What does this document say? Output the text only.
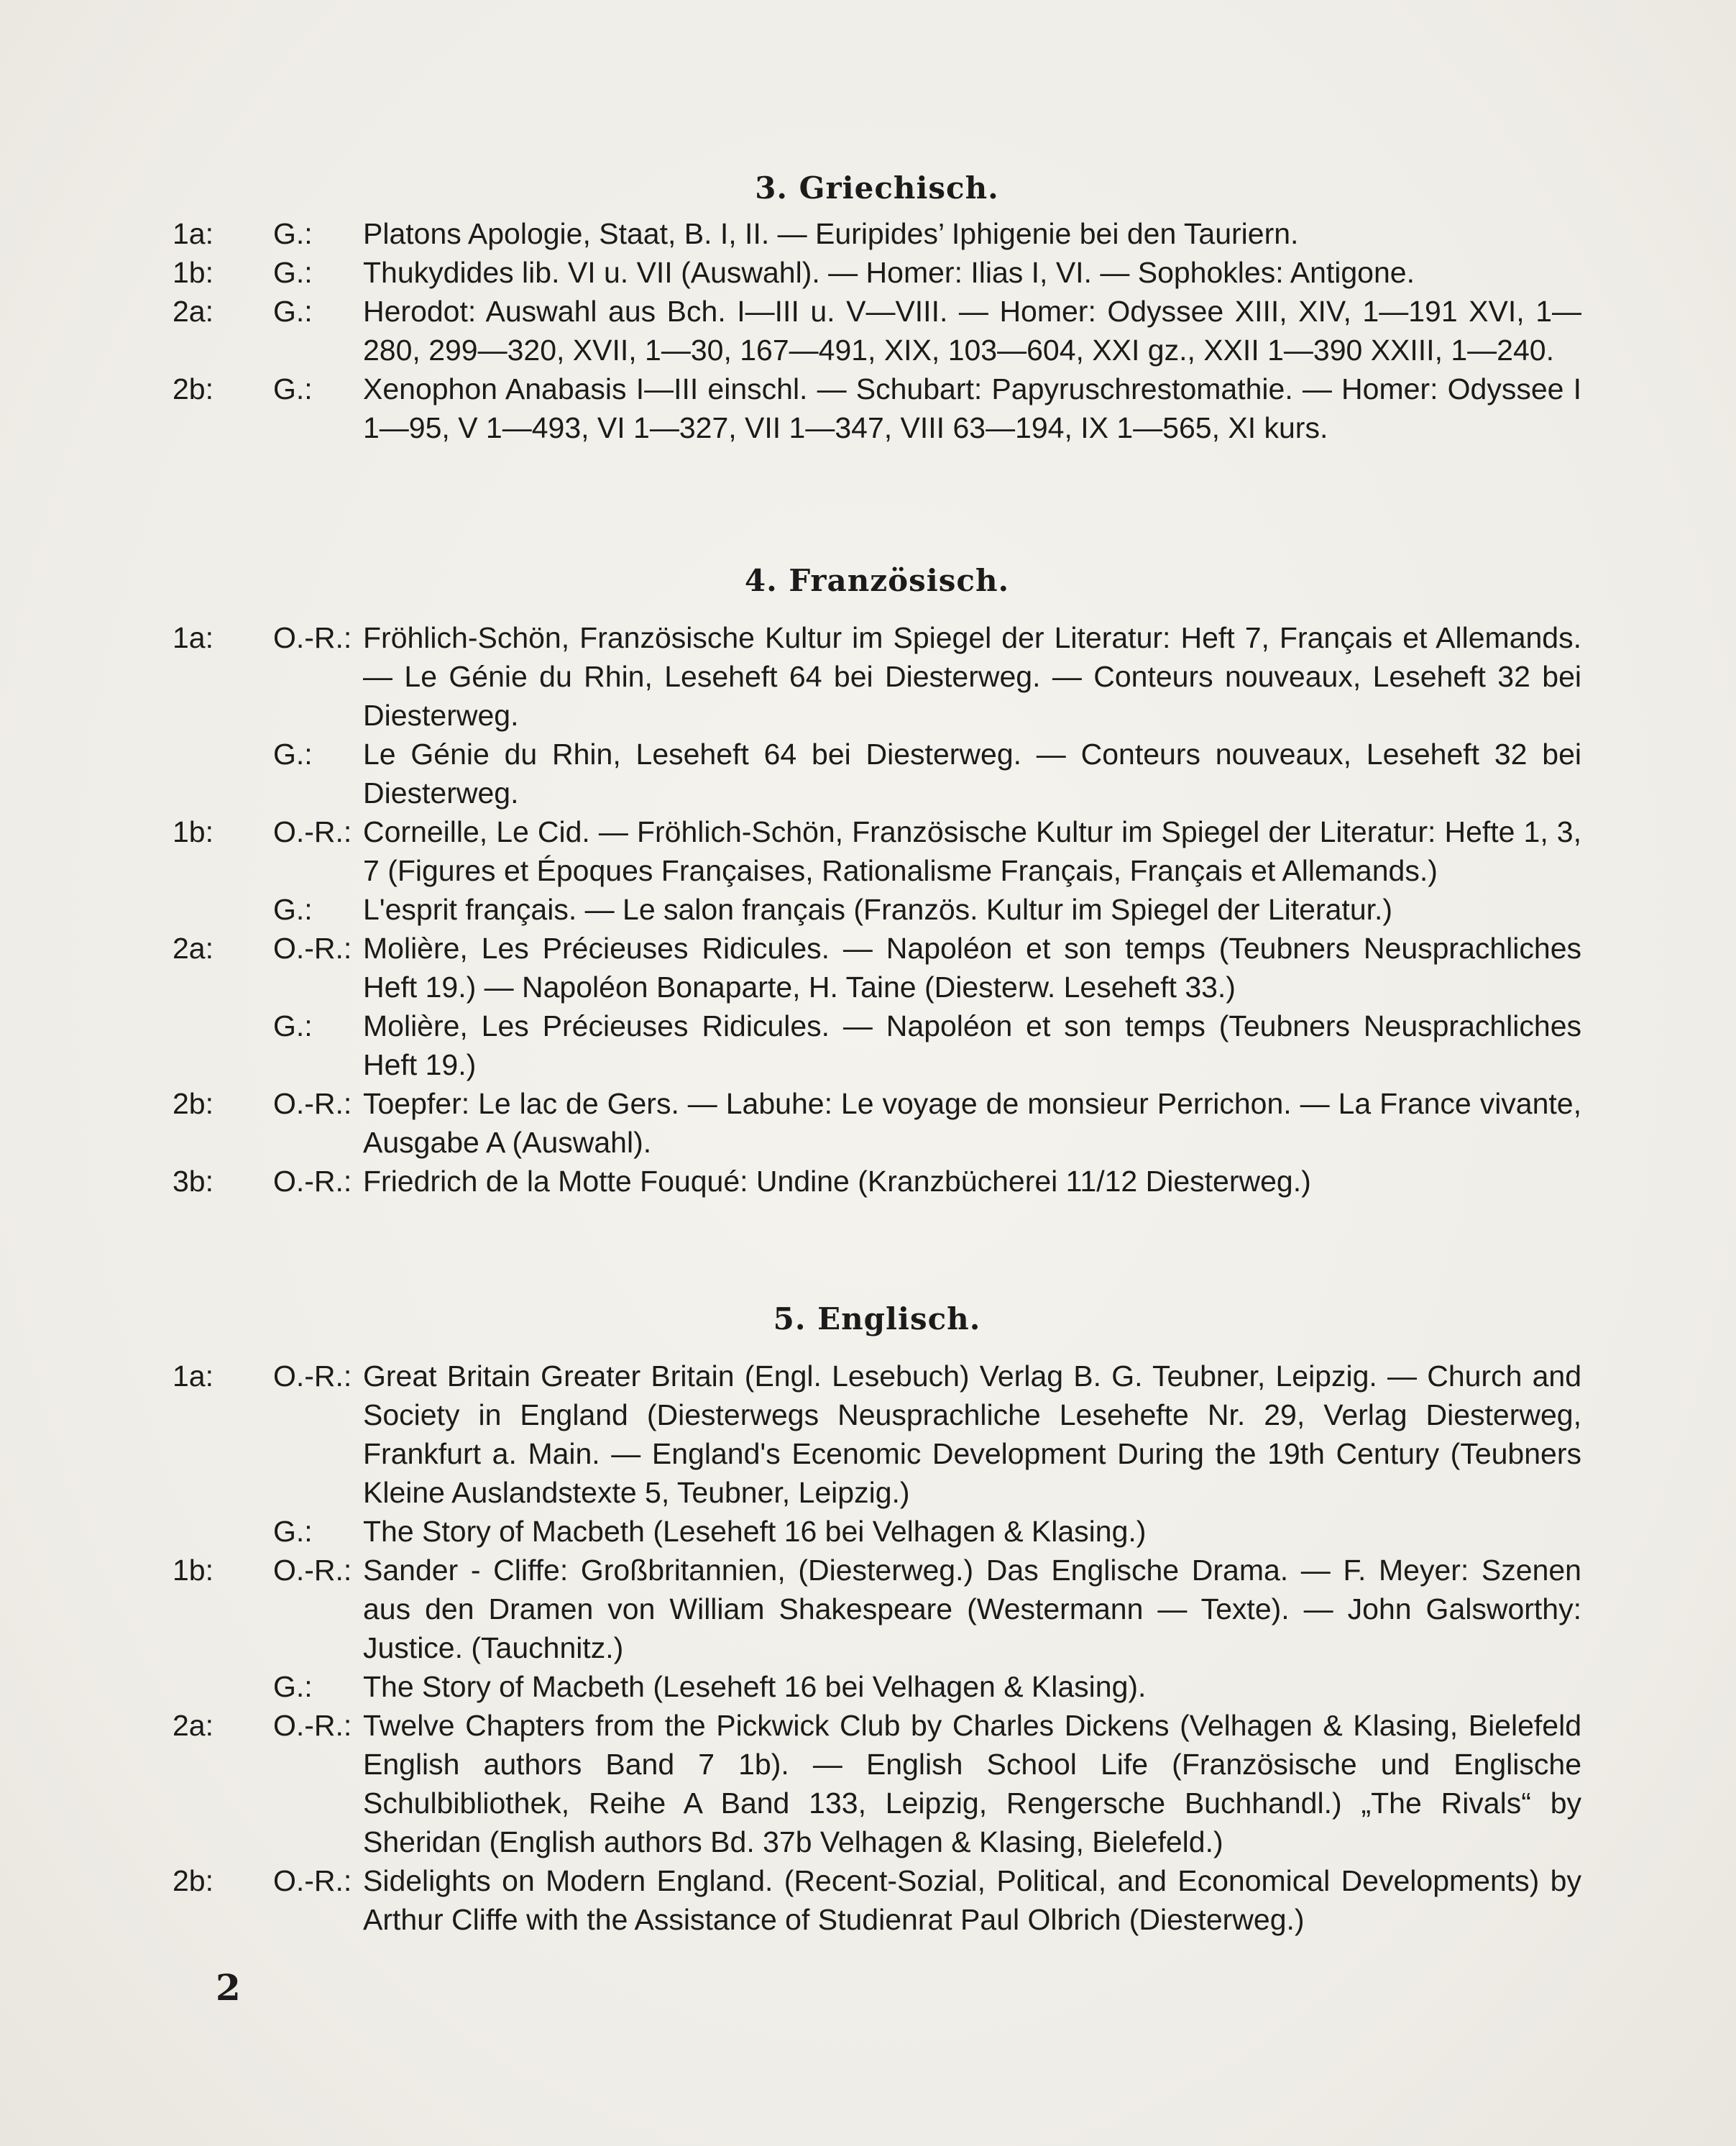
3. Griechisch.
1a:	G.:	Platons Apologie, Staat, B. I, II. — Euripides’ Iphigenie bei den Tauriern.
1b:	G.:	Thukydides lib. VI u. VII (Auswahl). — Homer: Ilias I, VI. — Sophokles: Antigone.
2a:	G.:	Herodot: Auswahl aus Bch. I—III u. V—VIII. — Homer: Odyssee XIII, XIV, 1—191 XVI, 1—280, 299—320, XVII, 1—30, 167—491, XIX, 103—604, XXI gz., XXII 1—390 XXIII, 1—240.
2b:	G.:	Xenophon Anabasis I—III einschl. — Schubart: Papyruschrestomathie. — Homer: Odyssee I 1—95, V 1—493, VI 1—327, VII 1—347, VIII 63—194, IX 1—565, XI kurs.
4. Französisch.
1a:	O.-R.: Fröhlich-Schön, Französische Kultur im Spiegel der Literatur: Heft 7, Français et Allemands. — Le Génie du Rhin, Leseheft 64 bei Diesterweg. — Conteurs nouveaux, Leseheft 32 bei Diesterweg.
G.:	Le Génie du Rhin, Leseheft 64 bei Diesterweg. — Conteurs nouveaux, Leseheft 32 bei Diesterweg.
1b:	O.-R.: Corneille, Le Cid. — Fröhlich-Schön, Französische Kultur im Spiegel der Literatur: Hefte 1, 3, 7 (Figures et Époques Françaises, Rationalisme Français, Français et Allemands.)
G.:	L'esprit français. — Le salon français (Französ. Kultur im Spiegel der Literatur.)
2a:	O.-R.: Molière, Les Précieuses Ridicules. — Napoléon et son temps (Teubners Neusprachliches Heft 19.) — Napoléon Bonaparte, H. Taine (Diesterw. Leseheft 33.)
G.:	Molière, Les Précieuses Ridicules. — Napoléon et son temps (Teubners Neusprachliches Heft 19.)
2b:	O.-R.: Toepfer: Le lac de Gers. — Labuhe: Le voyage de monsieur Perrichon. — La France vivante, Ausgabe A (Auswahl).
3b:	O.-R.: Friedrich de la Motte Fouqué: Undine (Kranzbücherei 11/12 Diesterweg.)
5. Englisch.
1a:	O.-R.: Great Britain Greater Britain (Engl. Lesebuch) Verlag B. G. Teubner, Leipzig. — Church and Society in England (Diesterwegs Neusprachliche Lesehefte Nr. 29, Verlag Diesterweg, Frankfurt a. Main. — England's Ecenomic Development During the 19th Century (Teubners Kleine Auslandstexte 5, Teubner, Leipzig.)
G.:	The Story of Macbeth (Leseheft 16 bei Velhagen & Klasing.)
1b:	O.-R.: Sander - Cliffe: Großbritannien, (Diesterweg.) Das Englische Drama. — F. Meyer: Szenen aus den Dramen von William Shakespeare (Westermann — Texte). — John Galsworthy: Justice. (Tauchnitz.)
G.:	The Story of Macbeth (Leseheft 16 bei Velhagen & Klasing).
2a:	O.-R.: Twelve Chapters from the Pickwick Club by Charles Dickens (Velhagen & Klasing, Bielefeld English authors Band 7 1b). — English School Life (Französische und Englische Schulbibliothek, Reihe A Band 133, Leipzig, Rengersche Buchhandl.) „The Rivals“ by Sheridan (English authors Bd. 37b Velhagen & Klasing, Bielefeld.)
2b:	O.-R.: Sidelights on Modern England. (Recent-Sozial, Political, and Economical Developments) by Arthur Cliffe with the Assistance of Studienrat Paul Olbrich (Diesterweg.)
2
